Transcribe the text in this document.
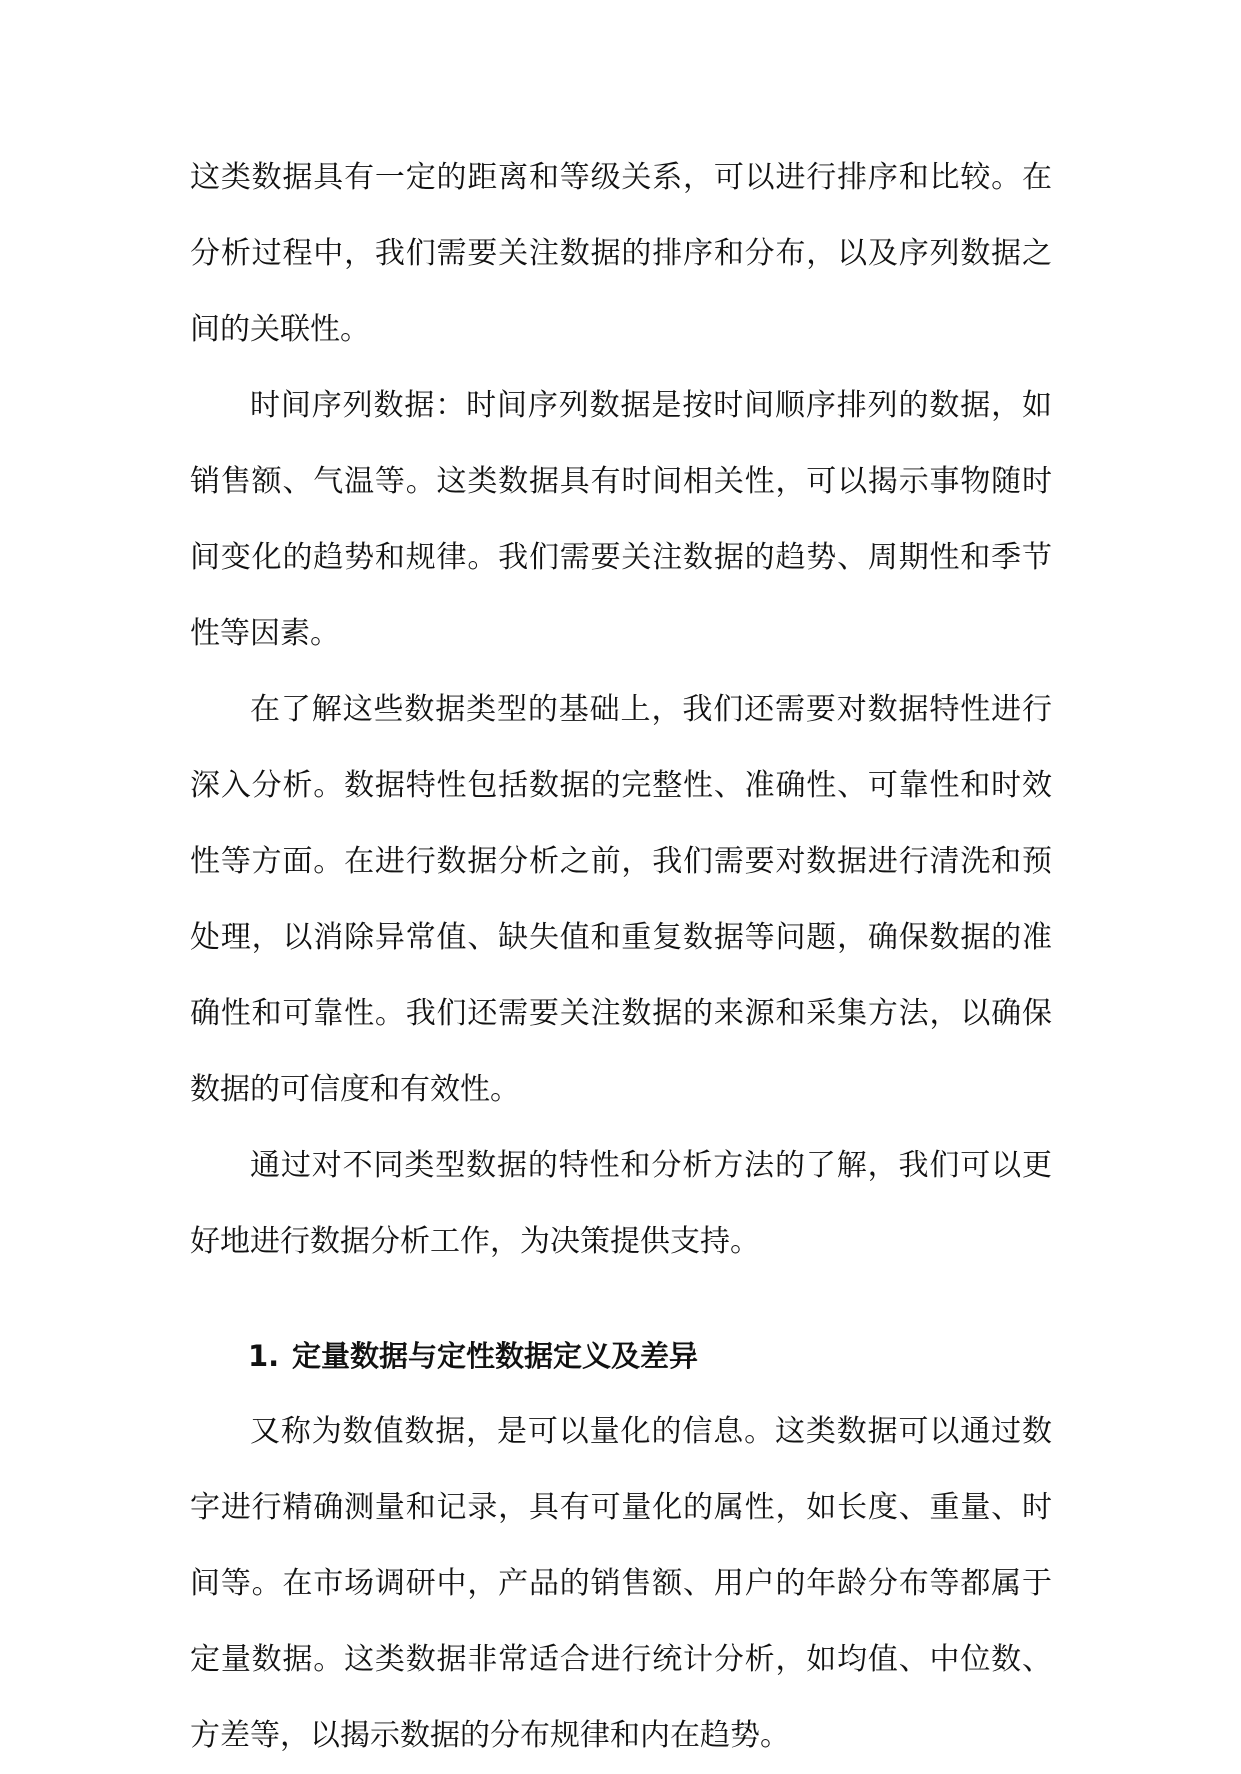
这类数据具有一定的距离和等级关系，可以进行排序和比较。在分析过程中，我们需要关注数据的排序和分布，以及序列数据之间的关联性。

时间序列数据：时间序列数据是按时间顺序排列的数据，如销售额、气温等。这类数据具有时间相关性，可以揭示事物随时间变化的趋势和规律。我们需要关注数据的趋势、周期性和季节性等因素。

在了解这些数据类型的基础上，我们还需要对数据特性进行深入分析。数据特性包括数据的完整性、准确性、可靠性和时效性等方面。在进行数据分析之前，我们需要对数据进行清洗和预处理，以消除异常值、缺失值和重复数据等问题，确保数据的准确性和可靠性。我们还需要关注数据的来源和采集方法，以确保数据的可信度和有效性。

通过对不同类型数据的特性和分析方法的了解，我们可以更好地进行数据分析工作，为决策提供支持。

1. 定量数据与定性数据定义及差异

又称为数值数据，是可以量化的信息。这类数据可以通过数字进行精确测量和记录，具有可量化的属性，如长度、重量、时间等。在市场调研中，产品的销售额、用户的年龄分布等都属于定量数据。这类数据非常适合进行统计分析，如均值、中位数、方差等，以揭示数据的分布规律和内在趋势。
